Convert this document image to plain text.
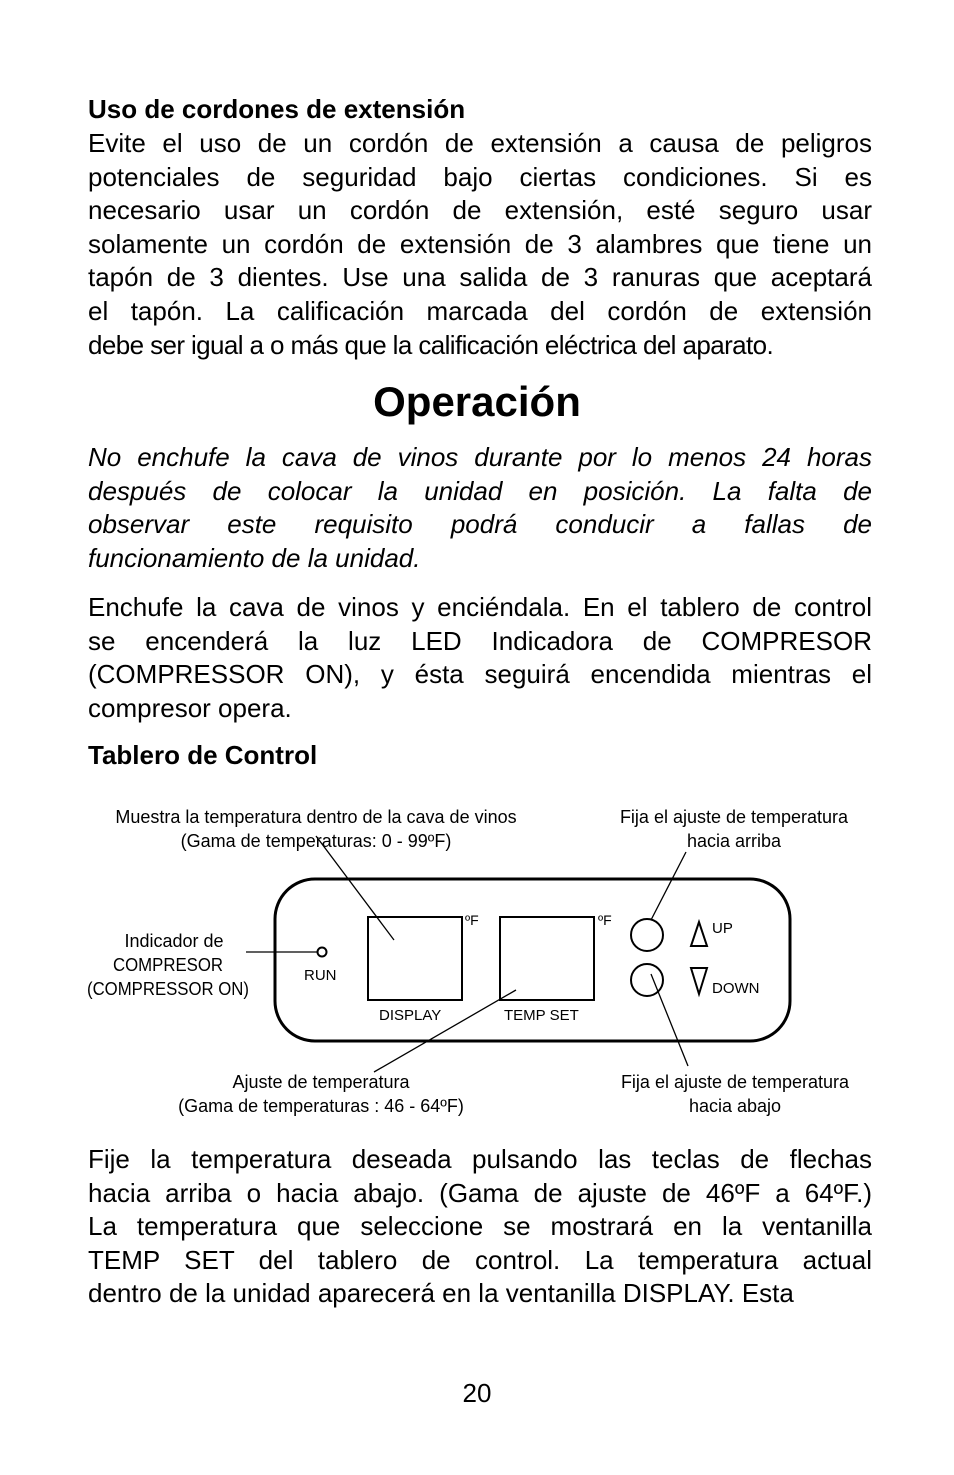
Uso de cordones de extensión
Evite el uso de un cordón de extensión a causa de peligros
potenciales de seguridad bajo ciertas condiciones. Si es
necesario usar un cordón de extensión, esté seguro usar
solamente un cordón de extensión de 3 alambres que tiene un
tapón de 3 dientes. Use una salida de 3 ranuras que aceptará
el tapón. La calificación marcada del cordón de extensión
debe ser igual a o más que la calificación eléctrica del aparato.
Operación
No enchufe la cava de vinos durante por lo menos 24 horas
después de colocar la unidad en posición. La falta de
observar este requisito podrá conducir a fallas de
funcionamiento de la unidad.
Enchufe la cava de vinos y enciéndala. En el tablero de control
se encenderá la luz LED Indicadora de COMPRESOR
(COMPRESSOR ON), y ésta seguirá encendida mientras el
compresor opera.
Tablero de Control
RUN
DISPLAY	TEMP SET
ºF	ºF	UP
DOWN
Muestra la temperatura dentro de la cava de vinos
(Gama de temperaturas: 0 - 99ºF)
Fija el ajuste de temperatura
hacia arriba
Indicador de
COMPRESOR
(COMPRESSOR ON)
Ajuste de temperatura
(Gama de temperaturas : 46 - 64ºF)
Fija el ajuste de temperatura
hacia abajo
Fije la temperatura deseada pulsando las teclas de flechas
hacia arriba o hacia abajo. (Gama de ajuste de 46ºF a 64ºF.)
La temperatura que seleccione se mostrará en la ventanilla
TEMP SET del tablero de control. La temperatura actual
dentro de la unidad aparecerá en la ventanilla DISPLAY. Esta
20
